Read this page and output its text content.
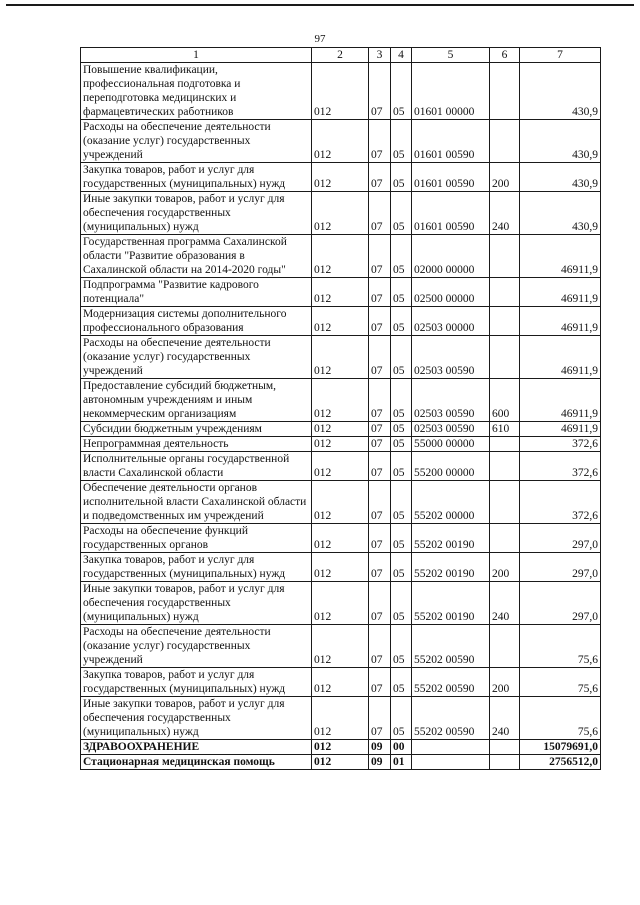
97
1	2	3	4	5	6	7
Повышение квалификации, профессиональная подготовка и переподготовка медицинских и фармацевтических работников	012	07	05	01601 00000		430,9
Расходы на обеспечение деятельности (оказание услуг) государственных учреждений	012	07	05	01601 00590		430,9
Закупка товаров, работ и услуг для государственных (муниципальных) нужд	012	07	05	01601 00590	200	430,9
Иные закупки товаров, работ и услуг для обеспечения государственных (муниципальных) нужд	012	07	05	01601 00590	240	430,9
Государственная программа Сахалинской области "Развитие образования в Сахалинской области на 2014-2020 годы"	012	07	05	02000 00000		46911,9
Подпрограмма "Развитие кадрового потенциала"	012	07	05	02500 00000		46911,9
Модернизация системы дополнительного профессионального образования	012	07	05	02503 00000		46911,9
Расходы на обеспечение деятельности (оказание услуг) государственных учреждений	012	07	05	02503 00590		46911,9
Предоставление субсидий бюджетным, автономным учреждениям и иным некоммерческим организациям	012	07	05	02503 00590	600	46911,9
Субсидии бюджетным учреждениям	012	07	05	02503 00590	610	46911,9
Непрограммная деятельность	012	07	05	55000 00000		372,6
Исполнительные органы государственной власти Сахалинской области	012	07	05	55200 00000		372,6
Обеспечение деятельности органов исполнительной власти Сахалинской области и подведомственных им учреждений	012	07	05	55202 00000		372,6
Расходы на обеспечение функций государственных органов	012	07	05	55202 00190		297,0
Закупка товаров, работ и услуг для государственных (муниципальных) нужд	012	07	05	55202 00190	200	297,0
Иные закупки товаров, работ и услуг для обеспечения государственных (муниципальных) нужд	012	07	05	55202 00190	240	297,0
Расходы на обеспечение деятельности (оказание услуг) государственных учреждений	012	07	05	55202 00590		75,6
Закупка товаров, работ и услуг для государственных (муниципальных) нужд	012	07	05	55202 00590	200	75,6
Иные закупки товаров, работ и услуг для обеспечения государственных (муниципальных) нужд	012	07	05	55202 00590	240	75,6
ЗДРАВООХРАНЕНИЕ	012	09	00			15079691,0
Стационарная медицинская помощь	012	09	01			2756512,0
